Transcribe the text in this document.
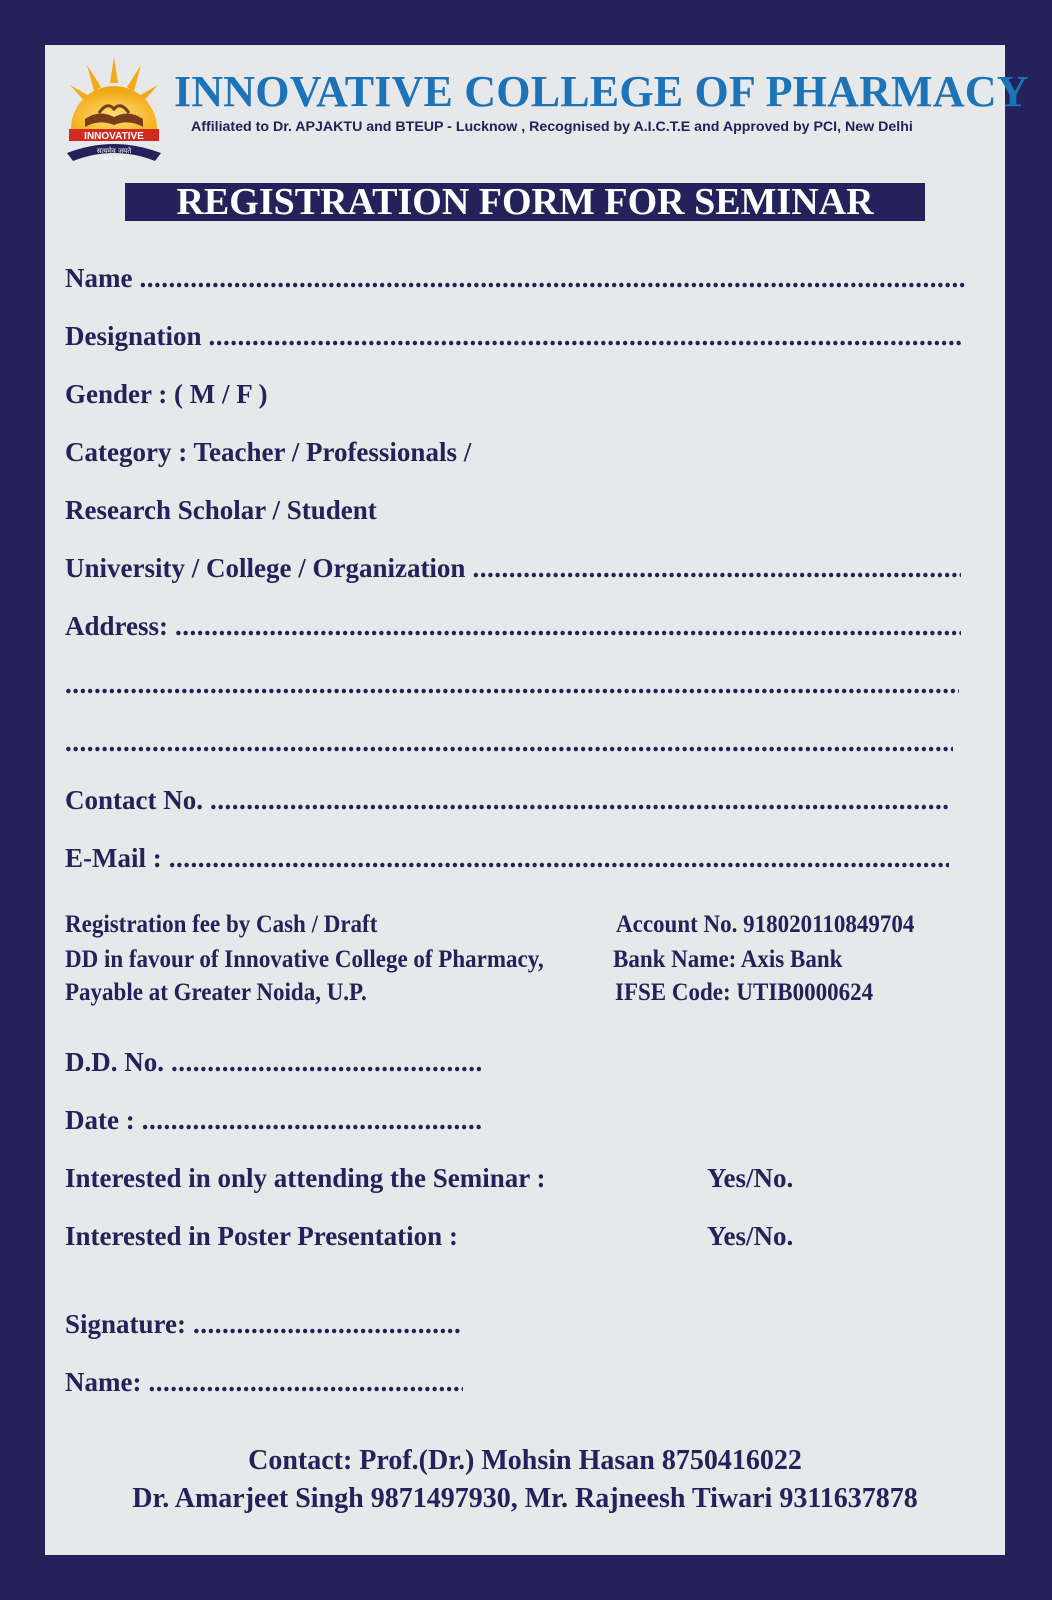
INNOVATIVE
सत्यमेव जयते
Estd. 2005
INNOVATIVE COLLEGE OF PHARMACY
Affiliated to Dr. APJAKTU and BTEUP - Lucknow , Recognised by A.I.C.T.E and Approved by PCI, New Delhi
REGISTRATION FORM FOR SEMINAR
Name
.....
Designation
.....
Gender : ( M / F )
Category : Teacher / Professionals /
Research Scholar / Student
University / College / Organization
.....
Address:
.....
.....
.....
Contact No.
.....
E-Mail :
.....
Registration fee by Cash / Draft
DD in favour of Innovative College of Pharmacy,
Payable at Greater Noida, U.P.
Account No. 918020110849704
Bank Name: Axis Bank
IFSE Code: UTIB0000624
D.D. No.
.....
Date :
.....
Interested in only attending the Seminar :	Yes/No.
Interested in Poster Presentation :	Yes/No.
Signature:
.....
Name:
.....
Contact: Prof.(Dr.) Mohsin Hasan 8750416022
Dr. Amarjeet Singh 9871497930, Mr. Rajneesh Tiwari 9311637878
